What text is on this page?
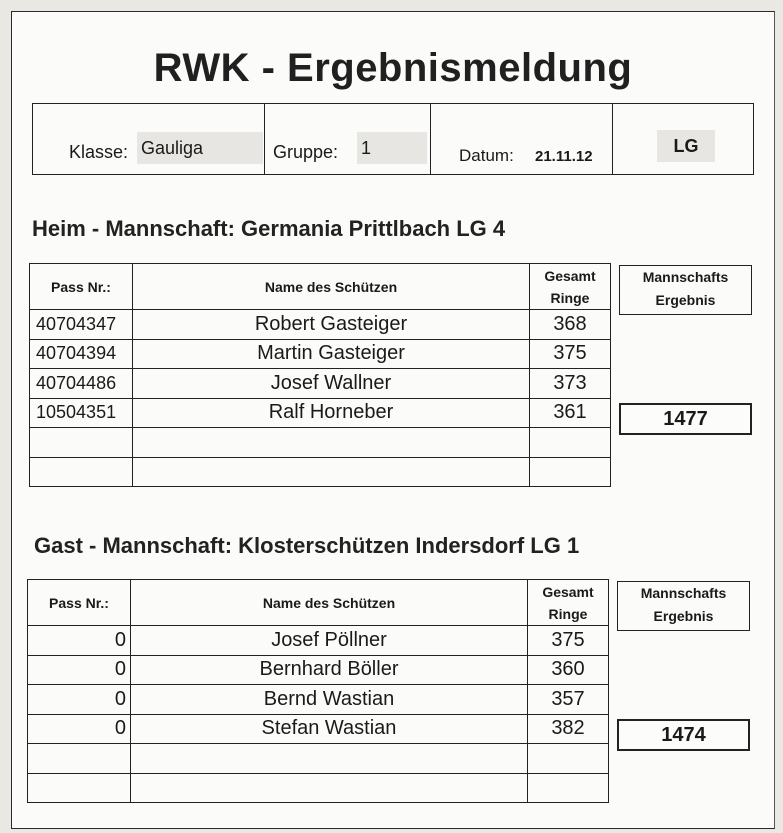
RWK - Ergebnismeldung
Klasse: Gauliga	Gruppe: 1	Datum: 21.11.12
LG
Heim - Mannschaft: Germania Prittlbach LG 4
Pass Nr.:	Name des Schützen	Gesamt
Ringe

40704347	Robert Gasteiger	368
40704394	Martin Gasteiger	375
40704486	Josef Wallner	373
10504351	Ralf Horneber	361

Mannschafts
Ergebnis
1477
Gast - Mannschaft: Klosterschützen Indersdorf LG 1
Pass Nr.:	Name des Schützen	Gesamt
Ringe

0	Josef Pöllner	375
0	Bernhard Böller	360
0	Bernd Wastian	357
0	Stefan Wastian	382

Mannschafts
Ergebnis
1474
